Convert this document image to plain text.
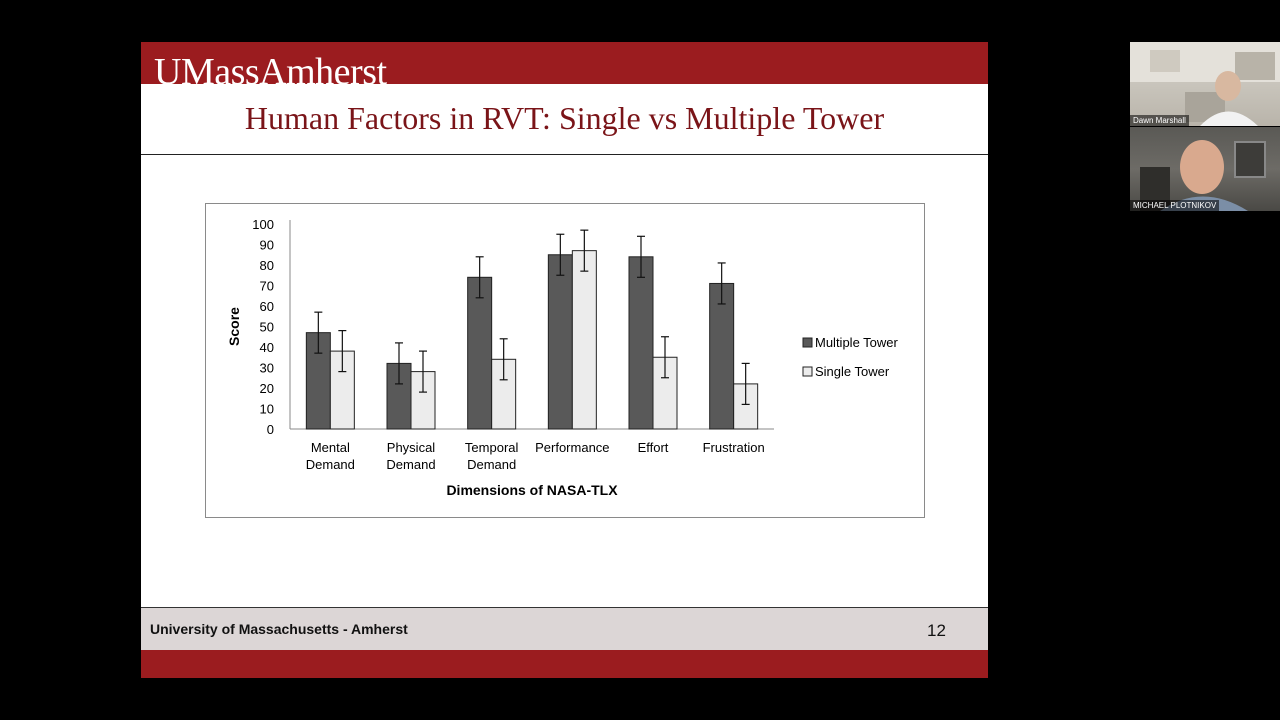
UMassAmherst
Human Factors in RVT: Single vs Multiple Tower
0
10
20
30
40
50
60
70
80
90
100
Score
Mental Demand
Physical Demand
Temporal Demand
Performance Effort	Frustration
Dimensions of NASA-TLX
Multiple Tower
Single Tower
University of Massachusetts - Amherst	12
Dawn Marshall
MICHAEL PLOTNIKOV
